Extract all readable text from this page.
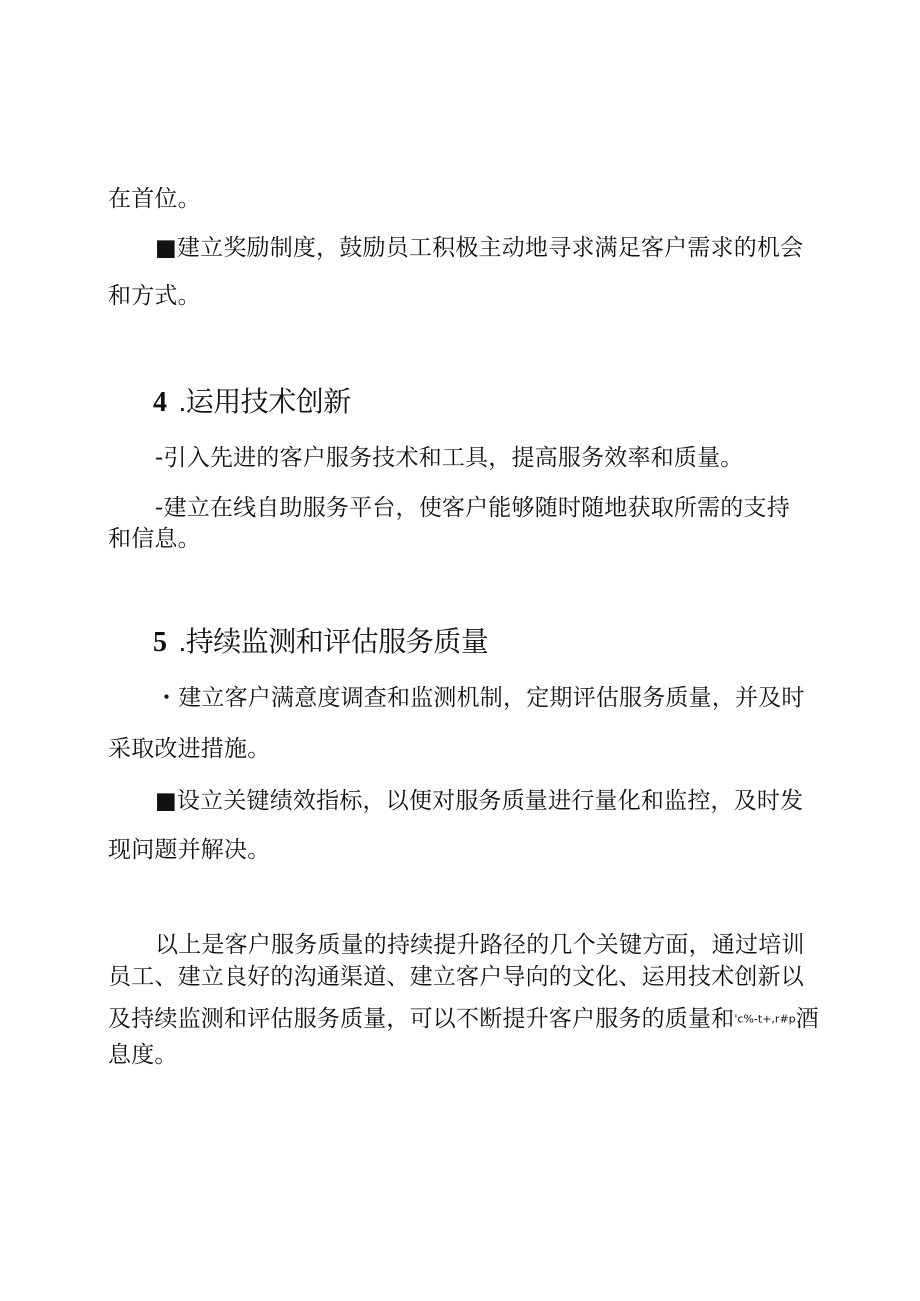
在首位。
■建立奖励制度，鼓励员工积极主动地寻求满足客户需求的机会
和方式。
4 .运用技术创新
-引入先进的客户服务技术和工具，提高服务效率和质量。
-建立在线自助服务平台，使客户能够随时随地获取所需的支持
和信息。
5 .持续监测和评估服务质量
・建立客户满意度调查和监测机制，定期评估服务质量，并及时
采取改进措施。
■设立关键绩效指标，以便对服务质量进行量化和监控，及时发
现问题并解决。
以上是客户服务质量的持续提升路径的几个关键方面，通过培训
员工、建立良好的沟通渠道、建立客户导向的文化、运用技术创新以
及持续监测和评估服务质量，可以不断提升客户服务的质量和'c%-t+,r#p酒
息度。
